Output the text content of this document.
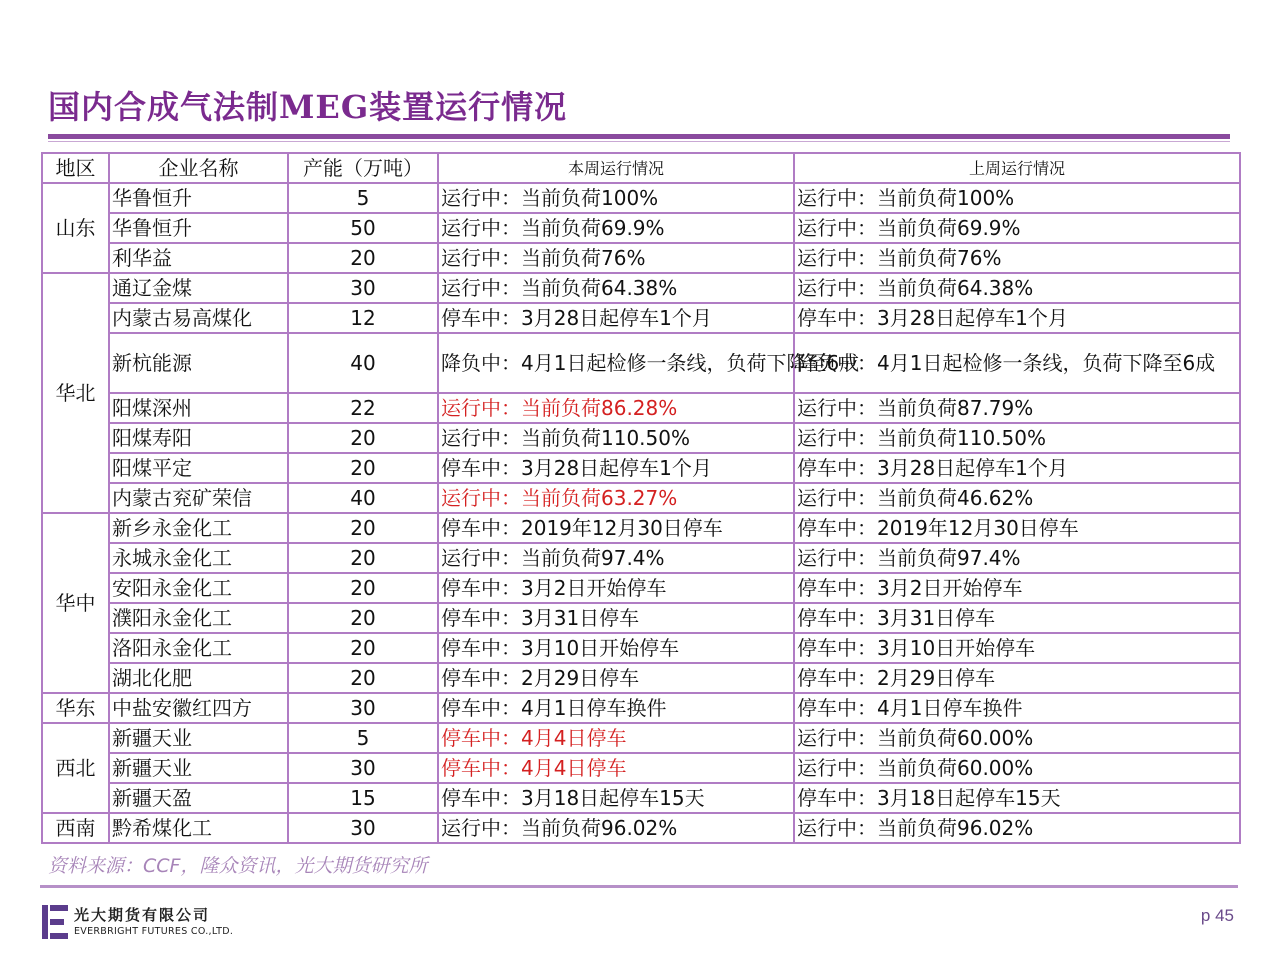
国内合成气法制MEG装置运行情况
地区	企业名称	产能（万吨）	本周运行情况	上周运行情况
山东	华鲁恒升	5	运行中：当前负荷100%	运行中：当前负荷100%
	华鲁恒升	50	运行中：当前负荷69.9%	运行中：当前负荷69.9%
	利华益	20	运行中：当前负荷76%	运行中：当前负荷76%
华北	通辽金煤	30	运行中：当前负荷64.38%	运行中：当前负荷64.38%
	内蒙古易高煤化	12	停车中：3月28日起停车1个月	停车中：3月28日起停车1个月
	新杭能源	40	降负中：4月1日起检修一条线，负荷下降至6成	降负中：4月1日起检修一条线，负荷下降至6成
	阳煤深州	22	运行中：当前负荷86.28%	运行中：当前负荷87.79%
	阳煤寿阳	20	运行中：当前负荷110.50%	运行中：当前负荷110.50%
	阳煤平定	20	停车中：3月28日起停车1个月	停车中：3月28日起停车1个月
	内蒙古兖矿荣信	40	运行中：当前负荷63.27%	运行中：当前负荷46.62%
华中	新乡永金化工	20	停车中：2019年12月30日停车	停车中：2019年12月30日停车
	永城永金化工	20	运行中：当前负荷97.4%	运行中：当前负荷97.4%
	安阳永金化工	20	停车中：3月2日开始停车	停车中：3月2日开始停车
	濮阳永金化工	20	停车中：3月31日停车	停车中：3月31日停车
	洛阳永金化工	20	停车中：3月10日开始停车	停车中：3月10日开始停车
	湖北化肥	20	停车中：2月29日停车	停车中：2月29日停车
华东	中盐安徽红四方	30	停车中：4月1日停车换件	停车中：4月1日停车换件
西北	新疆天业	5	停车中：4月4日停车	运行中：当前负荷60.00%
	新疆天业	30	停车中：4月4日停车	运行中：当前负荷60.00%
	新疆天盈	15	停车中：3月18日起停车15天	停车中：3月18日起停车15天
西南	黔希煤化工	30	运行中：当前负荷96.02%	运行中：当前负荷96.02%
资料来源：CCF，隆众资讯，光大期货研究所
光大期货有限公司
EVERBRIGHT FUTURES CO.,LTD.
p 45
